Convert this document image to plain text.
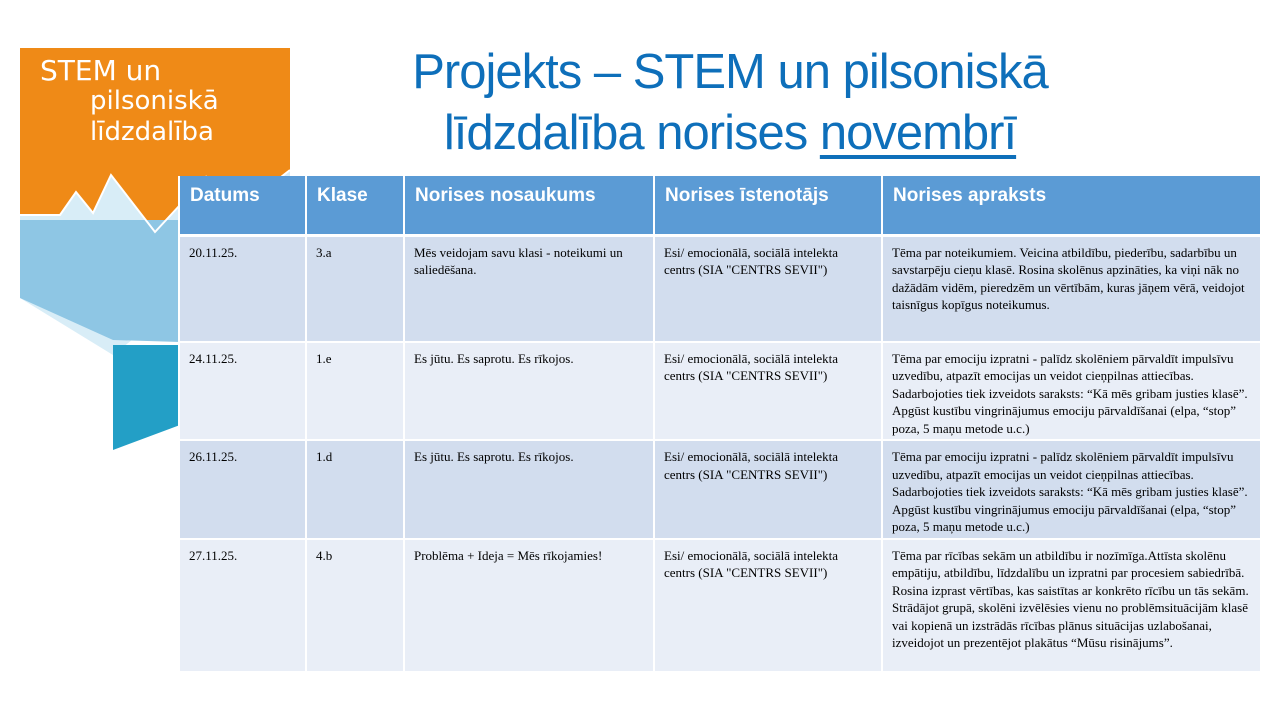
STEM un
pilsoniskā
līdzdalība
Projekts – STEM un pilsoniskā
līdzdalība norises novembrī
Datums	Klase	Norises nosaukums	Norises īstenotājs	Norises apraksts
20.11.25.	3.a	Mēs veidojam savu klasi - noteikumi un saliedēšana.	Esi/ emocionālā, sociālā intelekta centrs (SIA "CENTRS SEVII")	Tēma par noteikumiem. Veicina atbildību, piederību, sadarbību un savstarpēju cieņu klasē. Rosina skolēnus apzināties, ka viņi nāk no dažādām vidēm, pieredzēm un vērtībām, kuras jāņem vērā, veidojot taisnīgus kopīgus noteikumus.
24.11.25.	1.e	Es jūtu. Es saprotu. Es rīkojos.	Esi/ emocionālā, sociālā intelekta centrs (SIA "CENTRS SEVII")	Tēma par emociju izpratni - palīdz skolēniem pārvaldīt impulsīvu uzvedību, atpazīt emocijas un veidot cieņpilnas attiecības. Sadarbojoties tiek izveidots saraksts: “Kā mēs gribam justies klasē”. Apgūst kustību vingrinājumus emociju pārvaldīšanai (elpa, “stop” poza, 5 maņu metode u.c.)
26.11.25.	1.d	Es jūtu. Es saprotu. Es rīkojos.	Esi/ emocionālā, sociālā intelekta centrs (SIA "CENTRS SEVII")	Tēma par emociju izpratni - palīdz skolēniem pārvaldīt impulsīvu uzvedību, atpazīt emocijas un veidot cieņpilnas attiecības. Sadarbojoties tiek izveidots saraksts: “Kā mēs gribam justies klasē”. Apgūst kustību vingrinājumus emociju pārvaldīšanai (elpa, “stop” poza, 5 maņu metode u.c.)
27.11.25.	4.b	Problēma + Ideja = Mēs rīkojamies!	Esi/ emocionālā, sociālā intelekta centrs (SIA "CENTRS SEVII")	Tēma par rīcības sekām un atbildību ir nozīmīga.Attīsta skolēnu empātiju, atbildību, līdzdalību un izpratni par procesiem sabiedrībā. Rosina izprast vērtības, kas saistītas ar konkrēto rīcību un tās sekām. Strādājot grupā, skolēni izvēlēsies vienu no problēmsituācijām klasē vai kopienā un izstrādās rīcības plānus situācijas uzlabošanai, izveidojot un prezentējot plakātus “Mūsu risinājums”.
